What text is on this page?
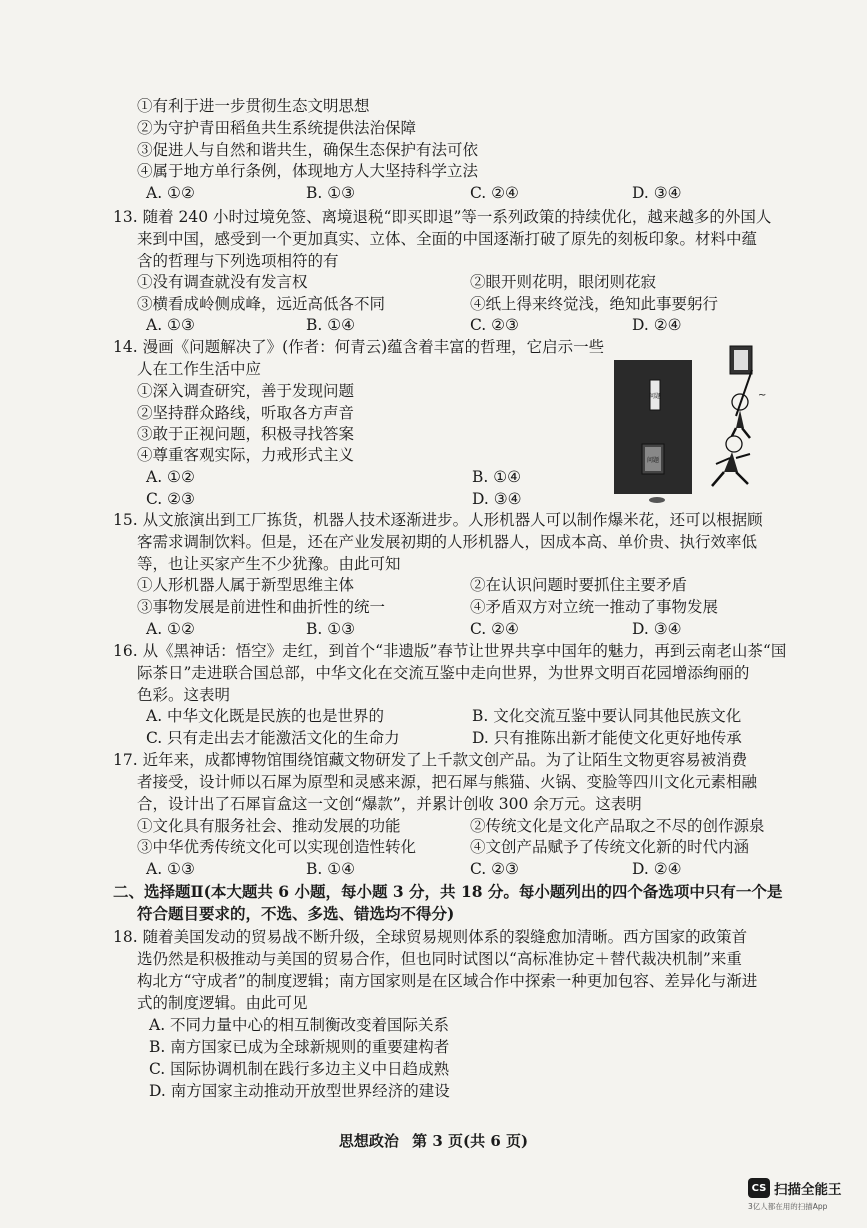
①有利于进一步贯彻生态文明思想
②为守护青田稻鱼共生系统提供法治保障
③促进人与自然和谐共生，确保生态保护有法可依
④属于地方单行条例，体现地方人大坚持科学立法
A. ①②	B. ①③	C. ②④	D. ③④
13. 随着 240 小时过境免签、离境退税“即买即退”等一系列政策的持续优化，越来越多的外国人
来到中国，感受到一个更加真实、立体、全面的中国逐渐打破了原先的刻板印象。材料中蕴
含的哲理与下列选项相符的有
①没有调查就没有发言权	②眼开则花明，眼闭则花寂
③横看成岭侧成峰，远近高低各不同	④纸上得来终觉浅，绝知此事要躬行
A. ①③	B. ①④	C. ②③	D. ②④
14. 漫画《问题解决了》(作者：何青云)蕴含着丰富的哲理，它启示一些
人在工作生活中应
①深入调查研究，善于发现问题
②坚持群众路线，听取各方声音
③敢于正视问题，积极寻找答案
④尊重客观实际，力戒形式主义
A. ①②	B. ①④
C. ②③	D. ③④
问题	~
问题
15. 从文旅演出到工厂拣货，机器人技术逐渐进步。人形机器人可以制作爆米花，还可以根据顾
客需求调制饮料。但是，还在产业发展初期的人形机器人，因成本高、单价贵、执行效率低
等，也让买家产生不少犹豫。由此可知
①人形机器人属于新型思维主体	②在认识问题时要抓住主要矛盾
③事物发展是前进性和曲折性的统一	④矛盾双方对立统一推动了事物发展
A. ①②	B. ①③	C. ②④	D. ③④
16. 从《黑神话：悟空》走红，到首个“非遗版”春节让世界共享中国年的魅力，再到云南老山茶“国
际茶日”走进联合国总部，中华文化在交流互鉴中走向世界，为世界文明百花园增添绚丽的
色彩。这表明
A. 中华文化既是民族的也是世界的	B. 文化交流互鉴中要认同其他民族文化
C. 只有走出去才能激活文化的生命力	D. 只有推陈出新才能使文化更好地传承
17. 近年来，成都博物馆围绕馆藏文物研发了上千款文创产品。为了让陌生文物更容易被消费
者接受，设计师以石犀为原型和灵感来源，把石犀与熊猫、火锅、变脸等四川文化元素相融
合，设计出了石犀盲盒这一文创“爆款”，并累计创收 300 余万元。这表明
①文化具有服务社会、推动发展的功能	②传统文化是文化产品取之不尽的创作源泉
③中华优秀传统文化可以实现创造性转化	④文创产品赋予了传统文化新的时代内涵
A. ①③	B. ①④	C. ②③	D. ②④
二、选择题Ⅱ(本大题共 6 小题，每小题 3 分，共 18 分。每小题列出的四个备选项中只有一个是
符合题目要求的，不选、多选、错选均不得分)
18. 随着美国发动的贸易战不断升级，全球贸易规则体系的裂缝愈加清晰。西方国家的政策首
选仍然是积极推动与美国的贸易合作，但也同时试图以“高标准协定＋替代裁决机制”来重
构北方“守成者”的制度逻辑；南方国家则是在区域合作中探索一种更加包容、差异化与渐进
式的制度逻辑。由此可见
A. 不同力量中心的相互制衡改变着国际关系
B. 南方国家已成为全球新规则的重要建构者
C. 国际协调机制在践行多边主义中日趋成熟
D. 南方国家主动推动开放型世界经济的建设
思想政治 第 3 页(共 6 页)
CS 扫描全能王
3亿人都在用的扫描App
